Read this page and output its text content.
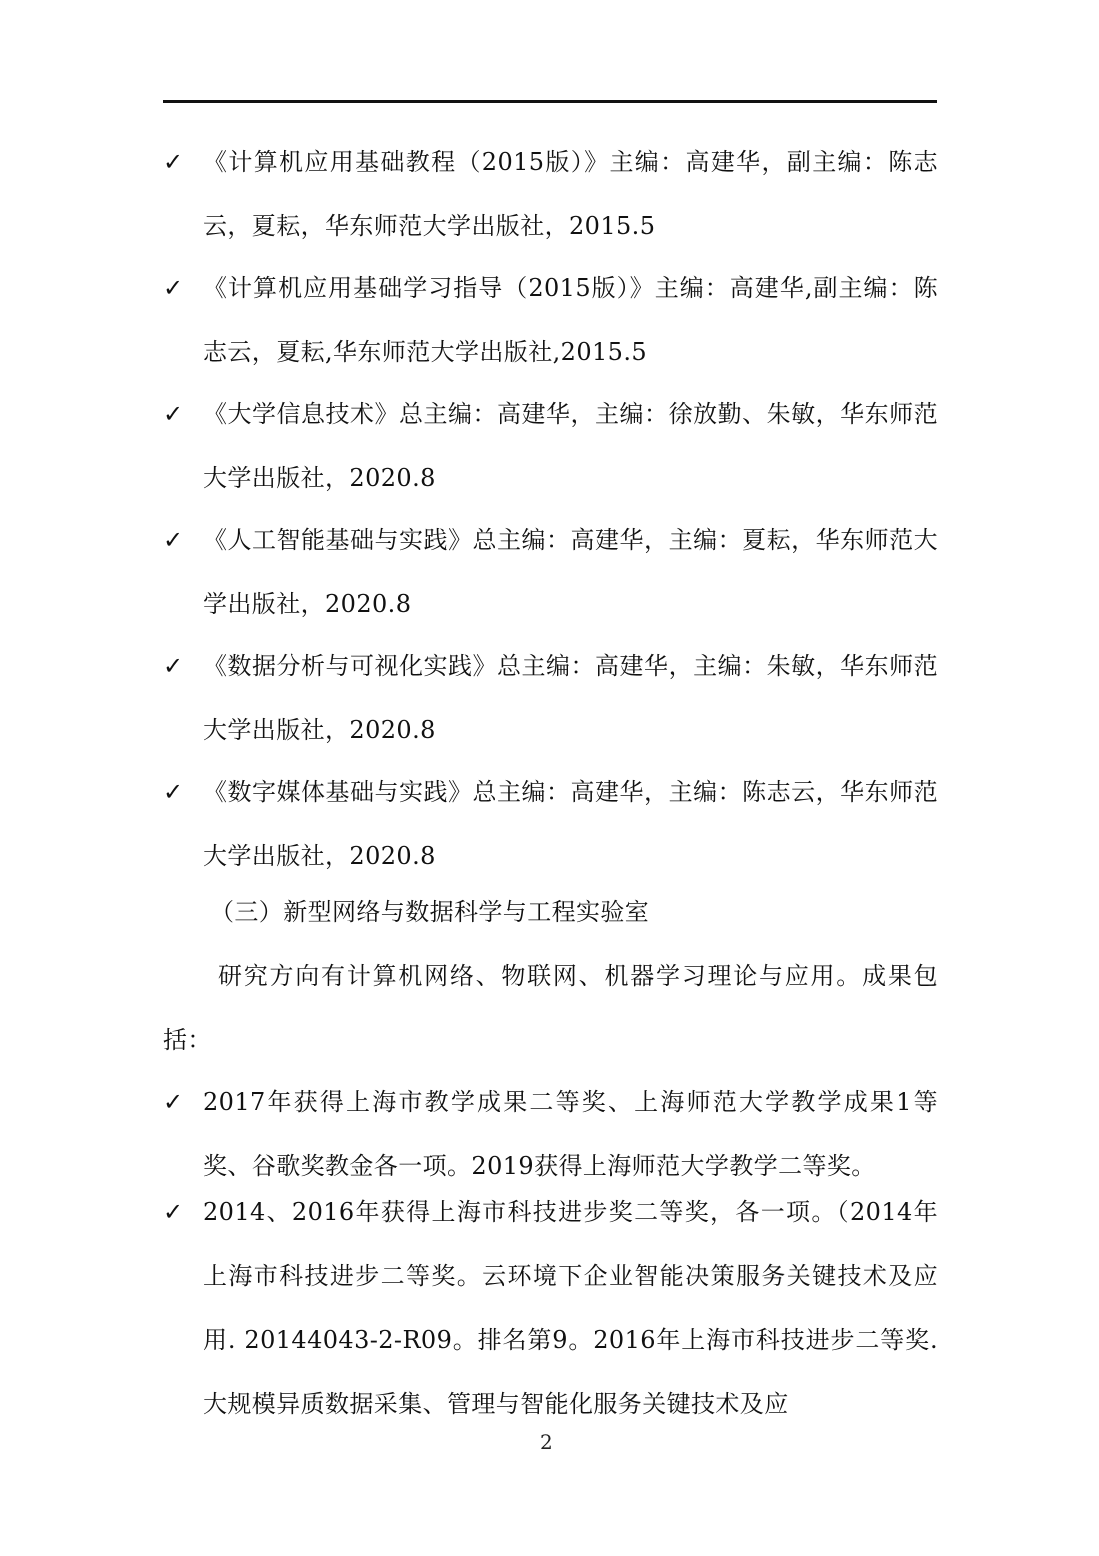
✓ 《计算机应用基础教程（2015版）》主编：高建华，副主编：陈志云，夏耘，华东师范大学出版社，2015.5
✓ 《计算机应用基础学习指导（2015版）》主编：高建华,副主编：陈志云，夏耘,华东师范大学出版社,2015.5
✓ 《大学信息技术》总主编：高建华，主编：徐放勤、朱敏，华东师范大学出版社，2020.8
✓ 《人工智能基础与实践》总主编：高建华，主编：夏耘，华东师范大学出版社，2020.8
✓ 《数据分析与可视化实践》总主编：高建华，主编：朱敏，华东师范大学出版社，2020.8
✓ 《数字媒体基础与实践》总主编：高建华，主编：陈志云，华东师范大学出版社，2020.8
（三）新型网络与数据科学与工程实验室
研究方向有计算机网络、物联网、机器学习理论与应用。成果包括：
✓ 2017年获得上海市教学成果二等奖、上海师范大学教学成果1等奖、谷歌奖教金各一项。2019获得上海师范大学教学二等奖。
✓ 2014、2016年获得上海市科技进步奖二等奖，各一项。（2014年上海市科技进步二等奖。云环境下企业智能决策服务关键技术及应用. 20144043-2-R09。排名第9。2016年上海市科技进步二等奖.大规模异质数据采集、管理与智能化服务关键技术及应
2
